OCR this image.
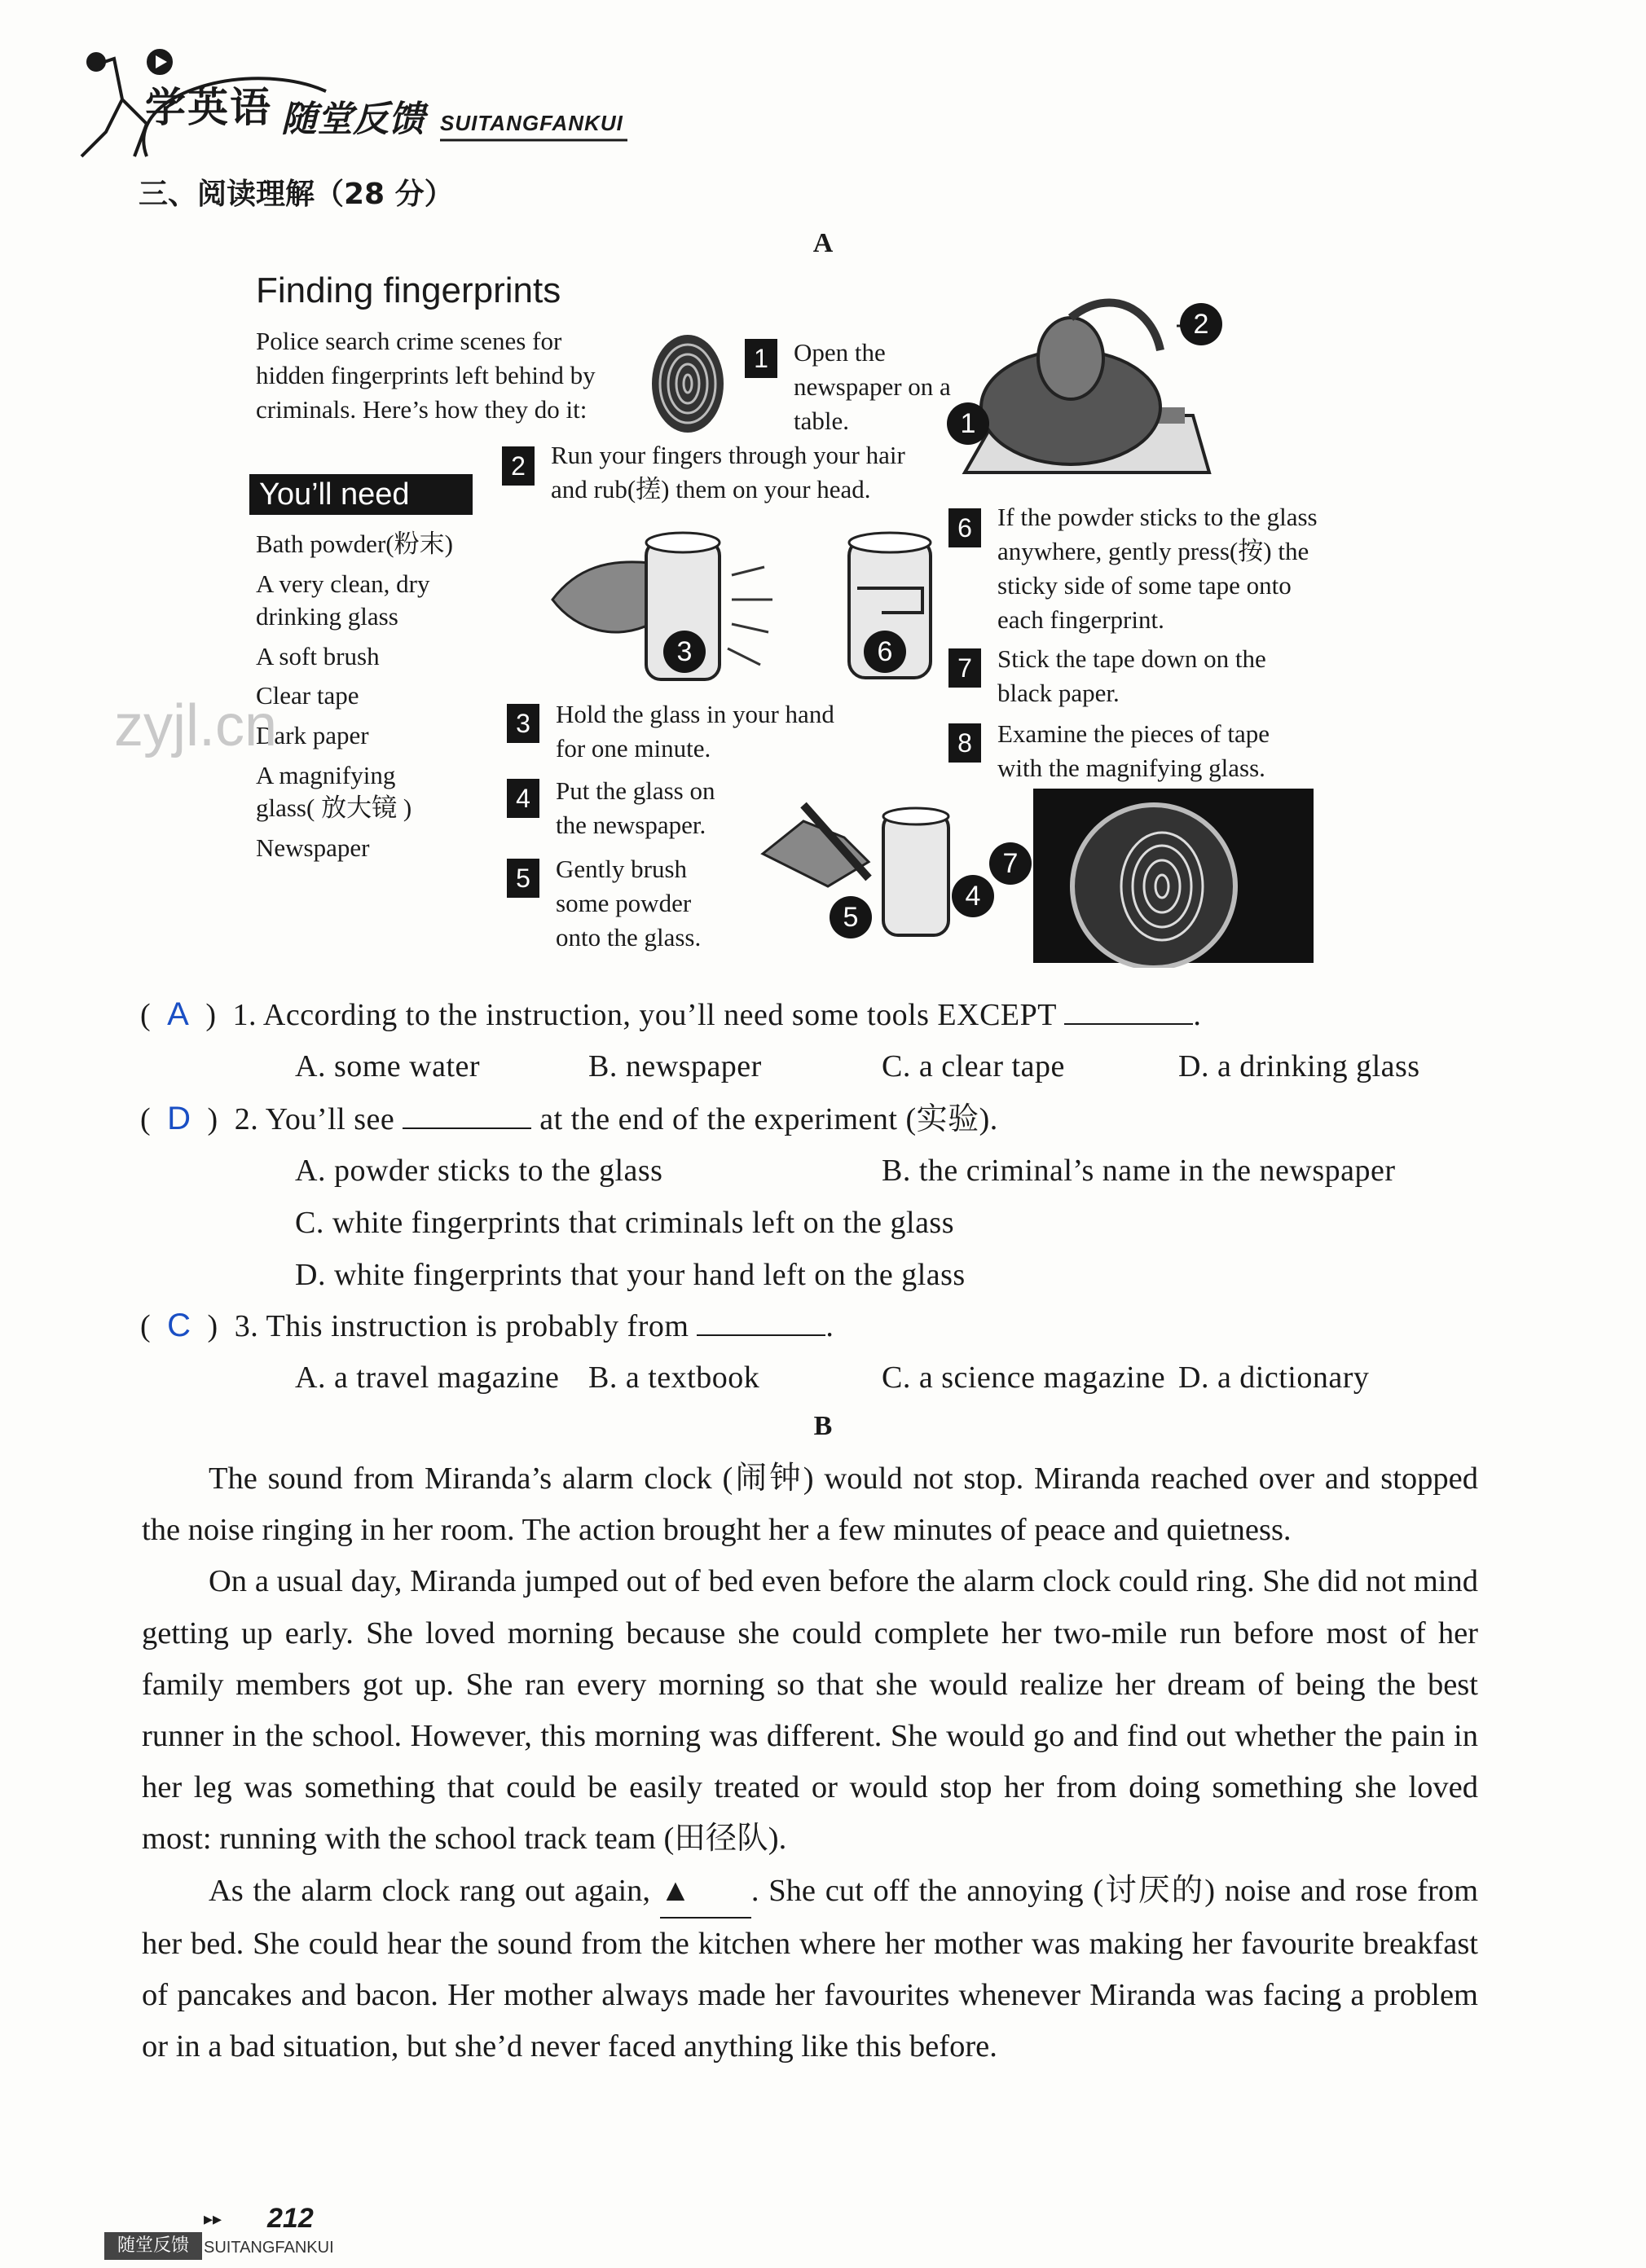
学英语 随堂反馈 SUITANGFANKUI
三、阅读理解（28 分）
A
Finding fingerprints
Police search crime scenes for
hidden fingerprints left behind by
criminals. Here’s how they do it:
You’ll need
Bath powder(粉末)
A very clean, dry
drinking glass
A soft brush
Clear tape
Dark paper
A magnifying
glass( 放大镜 )
Newspaper
1	Open the
newspaper on a
table.
2	Run your fingers through your hair
and rub(搓) them on your head.
6	If the powder sticks to the glass
anywhere, gently press(按) the
sticky side of some tape onto
each fingerprint.
7	Stick the tape down on the
black paper.
3	Hold the glass in your hand
for one minute.	8	Examine the pieces of tape
with the magnifying glass.
4	Put the glass on
the newspaper.
5	Gently brush
some powder
onto the glass.
2
1
3	6
5
4
7
zyjl.cn
(  A  )  1. According to the instruction, you’ll need some tools EXCEPT	.
A. some water	B. newspaper	C. a clear tape	D. a drinking glass
(  D  )  2. You’ll see	at the end of the experiment (实验).
A. powder sticks to the glass	B. the criminal’s name in the newspaper
C. white fingerprints that criminals left on the glass
D. white fingerprints that your hand left on the glass
(  C  )  3. This instruction is probably from	.
A. a travel magazine B. a textbook	C. a science magazine D. a dictionary
B

The sound from Miranda’s alarm clock (闹钟) would not stop. Miranda reached over and stopped the noise ringing in her room. The action brought her a few minutes of peace and quietness.

On a usual day, Miranda jumped out of bed even before the alarm clock could ring. She did not mind getting up early. She loved morning because she could complete her two-mile run before most of her family members got up. She ran every morning so that she would realize her dream of being the best runner in the school. However, this morning was different. She would go and find out whether the pain in her leg was something that could be easily treated or would stop her from doing something she loved most: running with the school track team (田径队).

As the alarm clock rang out again, ▲ . She cut off the annoying (讨厌的) noise and rose from her bed. She could hear the sound from the kitchen where her mother was making her favourite breakfast of pancakes and bacon. Her mother always made her favourites whenever Miranda was facing a problem or in a bad situation, but she’d never faced anything like this before.

▸▸ 212
随堂反馈 SUITANGFANKUI
